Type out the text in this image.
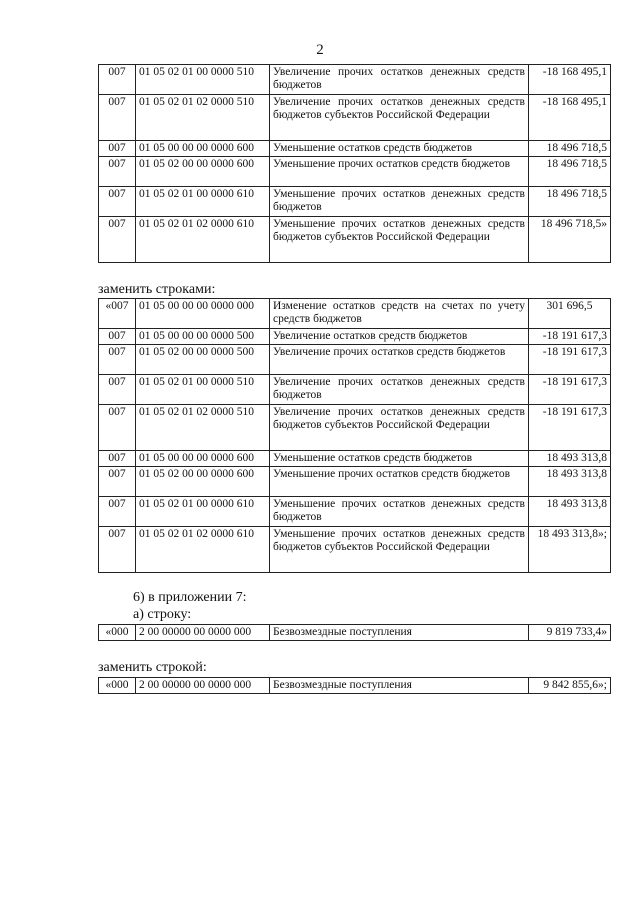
2
007	01 05 02 01 00 0000 510	Увеличение прочих остатков денежных средств бюджетов	-18 168 495,1
007	01 05 02 01 02 0000 510	Увеличение прочих остатков денежных средств бюджетов субъектов Российской Федерации	-18 168 495,1
007	01 05 00 00 00 0000 600	Уменьшение остатков средств бюджетов	18 496 718,5
007	01 05 02 00 00 0000 600	Уменьшение прочих остатков средств бюджетов	18 496 718,5
007	01 05 02 01 00 0000 610	Уменьшение прочих остатков денежных средств бюджетов	18 496 718,5
007	01 05 02 01 02 0000 610	Уменьшение прочих остатков денежных средств бюджетов субъектов Российской Федерации	18 496 718,5»

заменить строками:

«007	01 05 00 00 00 0000 000	Изменение остатков средств на счетах по учету средств бюджетов	301 696,5
007	01 05 00 00 00 0000 500	Увеличение остатков средств бюджетов	-18 191 617,3
007	01 05 02 00 00 0000 500	Увеличение прочих остатков средств бюджетов	-18 191 617,3
007	01 05 02 01 00 0000 510	Увеличение прочих остатков денежных средств бюджетов	-18 191 617,3
007	01 05 02 01 02 0000 510	Увеличение прочих остатков денежных средств бюджетов субъектов Российской Федерации	-18 191 617,3
007	01 05 00 00 00 0000 600	Уменьшение остатков средств бюджетов	18 493 313,8
007	01 05 02 00 00 0000 600	Уменьшение прочих остатков средств бюджетов	18 493 313,8
007	01 05 02 01 00 0000 610	Уменьшение прочих остатков денежных средств бюджетов	18 493 313,8
007	01 05 02 01 02 0000 610	Уменьшение прочих остатков денежных средств бюджетов субъектов Российской Федерации	18 493 313,8»;

6) в приложении 7:

а) строку:

«000	2 00 00000 00 0000 000	Безвозмездные поступления	9 819 733,4»

заменить строкой:

«000	2 00 00000 00 0000 000	Безвозмездные поступления	9 842 855,6»;
